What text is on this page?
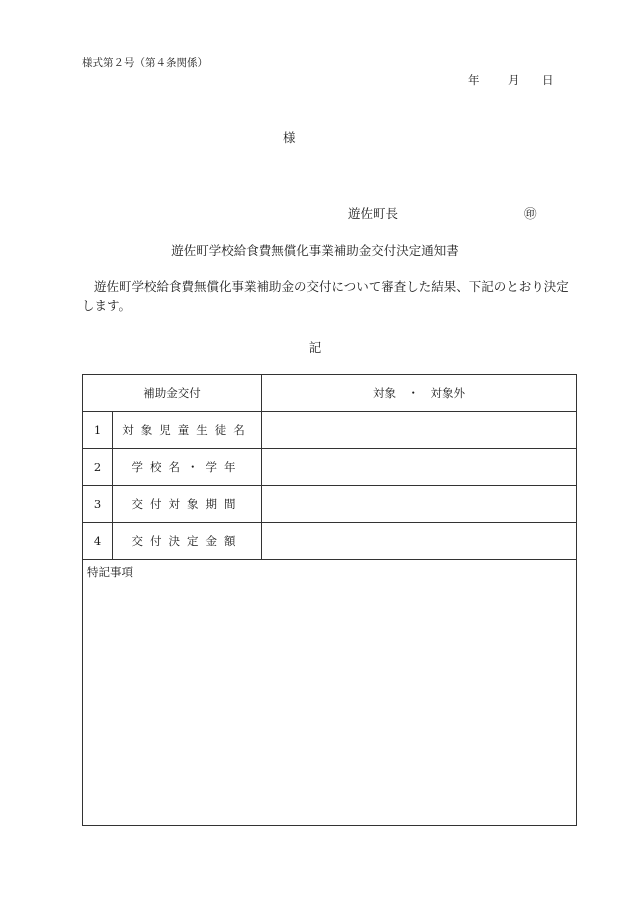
様式第２号（第４条関係）
年 月 日
様
遊佐町長	㊞
遊佐町学校給食費無償化事業補助金交付決定通知書
遊佐町学校給食費無償化事業補助金の交付について審査した結果、下記のとおり決定します。
記
補助金交付		対象　・　対象外
1	対象児童生徒名	
2	学校名・学年	
3	交付対象期間	
4	交付決定金額	
特記事項		
